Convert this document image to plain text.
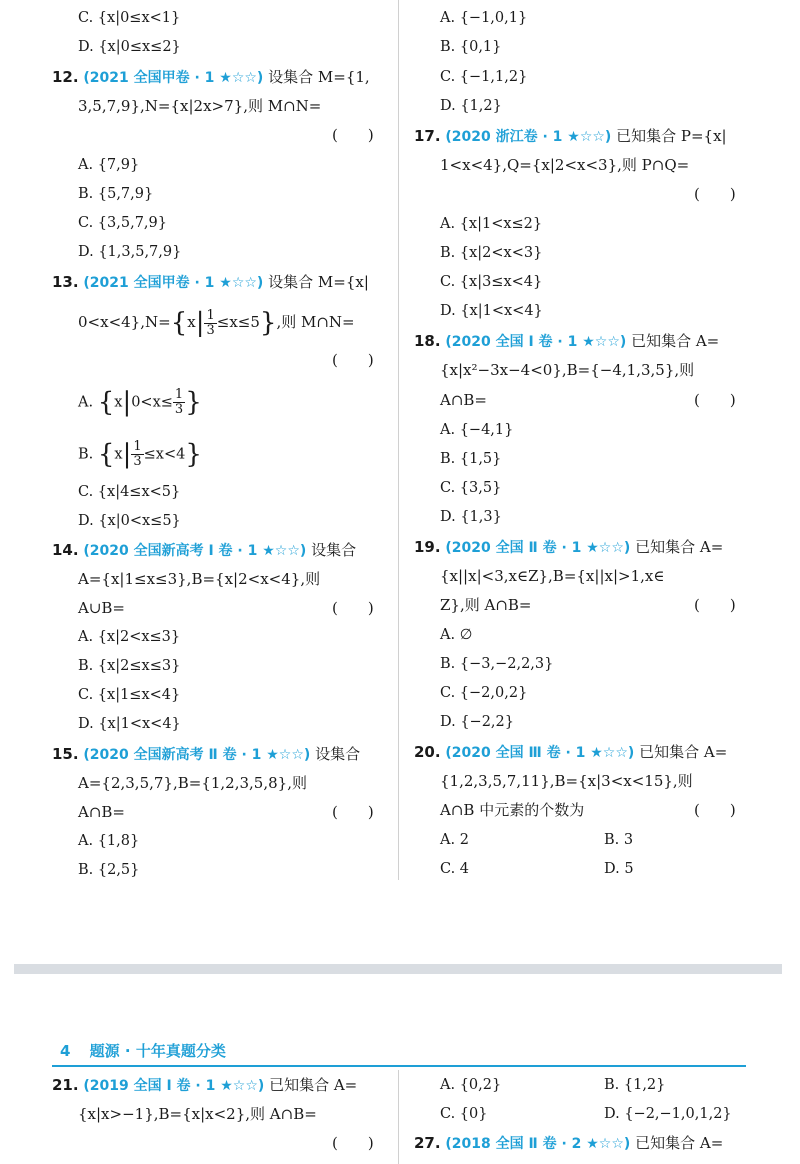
C. {x|0≤x<1}
D. {x|0≤x≤2}
12. (2021 全国甲卷 · 1 ★☆☆) 设集合 M={1,
3,5,7,9},N={x|2x>7},则 M∩N=
(　　)
A. {7,9}
B. {5,7,9}
C. {3,5,7,9}
D. {1,3,5,7,9}
13. (2021 全国甲卷 · 1 ★☆☆) 设集合 M={x|
$0<x<4\},N=\{x| \frac{1}{3} \le x\le 5\}$,则 M∩N=
(　　)
A. {$x|0<x\le \frac{1}{3}$ }
B. $\{x| \frac{1}{3} \le x<4\}$
C. {x|4≤x<5}
D. {x|0<x≤5}
14. (2020 全国新高考 Ⅰ 卷 · 1 ★☆☆) 设集合
A={x|1≤x≤3},B={x|2<x<4},则
A∪B=	(　　)
A. {x|2<x≤3}
B. {x|2≤x≤3}
C. {x|1≤x<4}
D. {x|1<x<4}
15. (2020 全国新高考 Ⅱ 卷 · 1 ★☆☆) 设集合
A={2,3,5,7},B={1,2,3,5,8},则
A∩B=	(　　)
A. {1,8}
B. {2,5}
A. {−1,0,1}
B. {0,1}
C. {−1,1,2}
D. {1,2}
17. (2020 浙江卷 · 1 ★☆☆) 已知集合 P={x|
1<x<4},Q={x|2<x<3},则 P∩Q=
(　　)
A. {x|1<x≤2}
B. {x|2<x<3}
C. {x|3≤x<4}
D. {x|1<x<4}
18. (2020 全国 Ⅰ 卷 · 1 ★☆☆) 已知集合 A=
{x|x²−3x−4<0},B={−4,1,3,5},则
A∩B=	(　　)
A. {−4,1}
B. {1,5}
C. {3,5}
D. {1,3}
19. (2020 全国 Ⅱ 卷 · 1 ★☆☆) 已知集合 A=
{x||x|<3,x∈Z},B={x||x|>1,x∈
Z},则 A∩B=	(　　)
A. ∅
B. {−3,−2,2,3}
C. {−2,0,2}
D. {−2,2}
20. (2020 全国 Ⅲ 卷 · 1 ★☆☆) 已知集合 A=
{1,2,3,5,7,11},B={x|3<x<15},则
A∩B 中元素的个数为	(　　)
A. 2	B. 3
C. 4	D. 5
4 题源 · 十年真题分类
21. (2019 全国 Ⅰ 卷 · 1 ★☆☆) 已知集合 A=
{x|x>−1},B={x|x<2},则 A∩B=
(　　)
A. {0,2}	B. {1,2}
C. {0}	D. {−2,−1,0,1,2}
27. (2018 全国 Ⅱ 卷 · 2 ★☆☆) 已知集合 A=
